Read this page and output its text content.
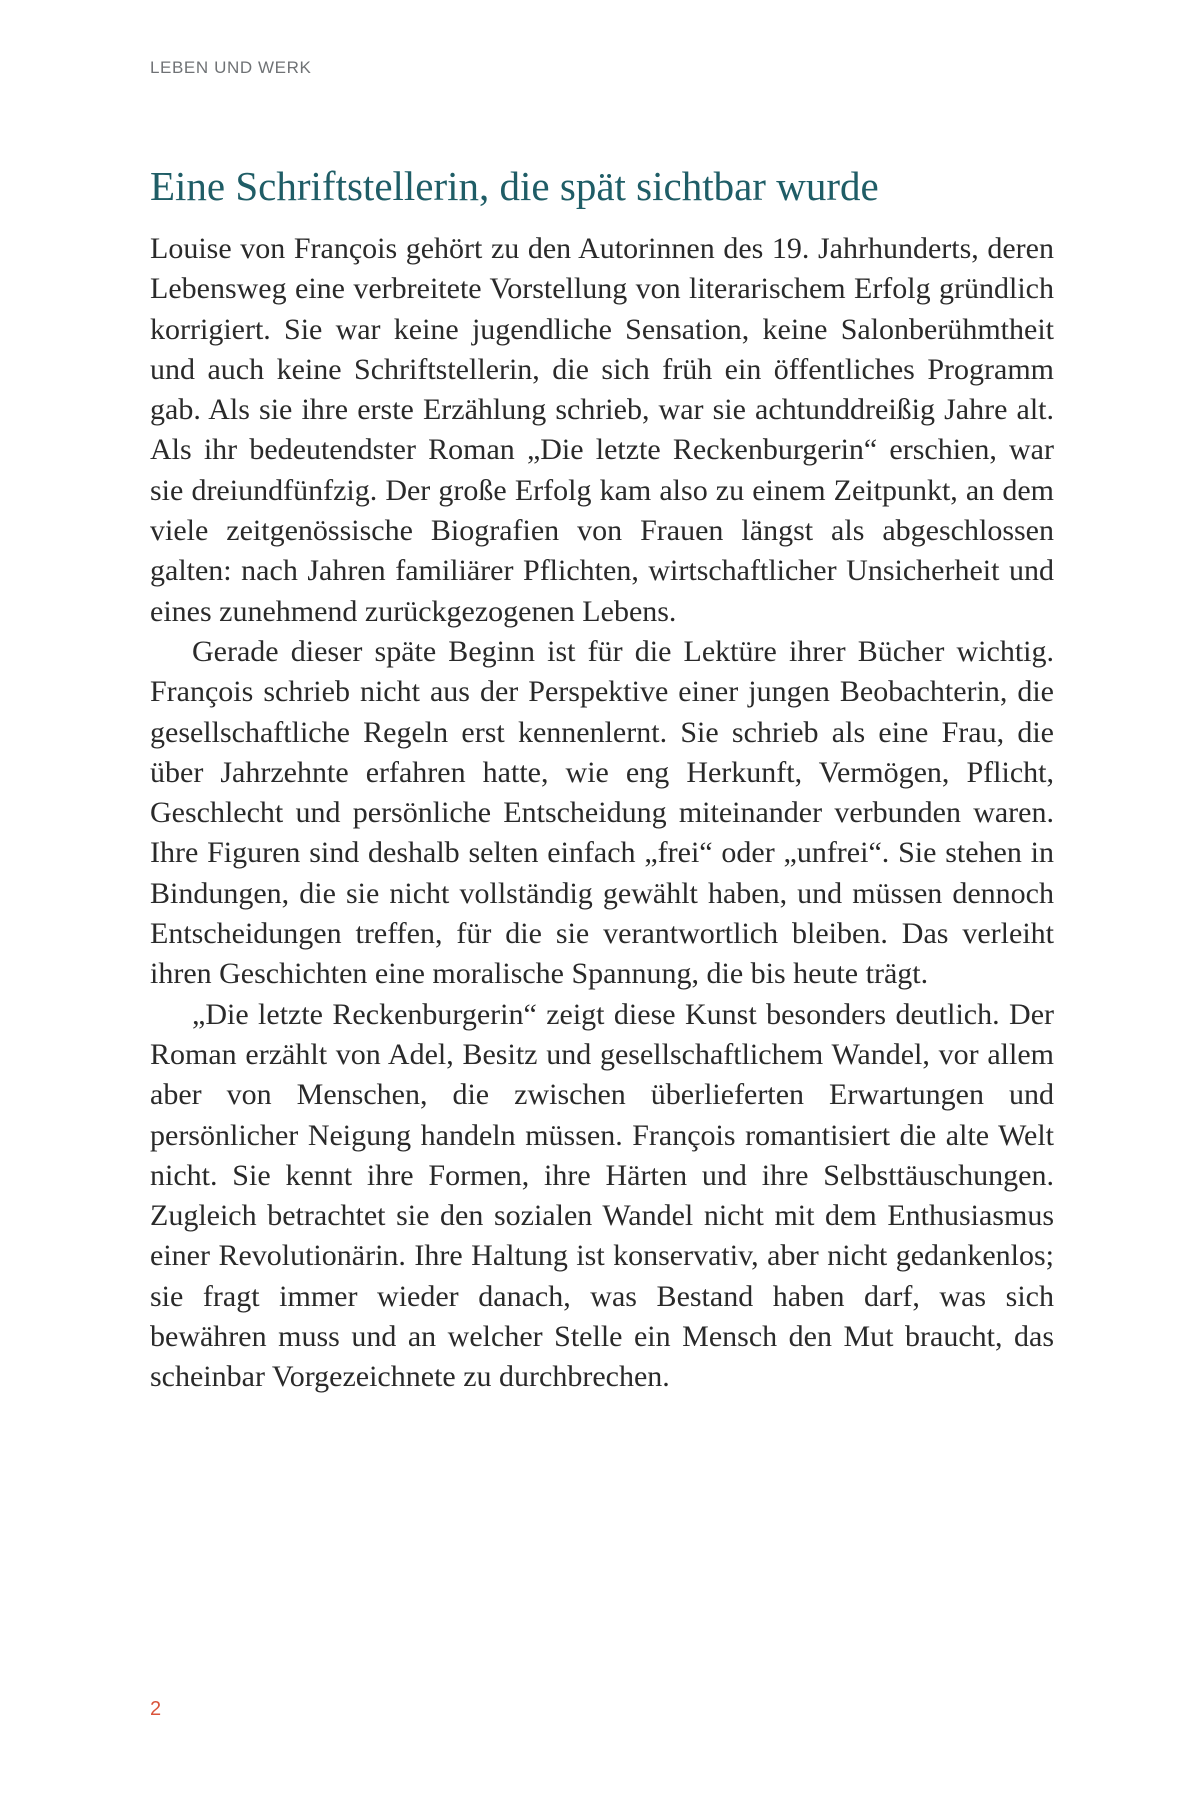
LEBEN UND WERK
Eine Schriftstellerin, die spät sichtbar wurde

Louise von François gehört zu den Autorinnen des 19. Jahrhunderts, deren Lebensweg eine verbreitete Vorstellung von literarischem Erfolg gründlich korrigiert. Sie war keine jugendliche Sensation, keine Salonberühmtheit und auch keine Schriftstellerin, die sich früh ein öffentliches Programm gab. Als sie ihre erste Erzählung schrieb, war sie achtunddreißig Jahre alt. Als ihr bedeutendster Roman „Die letzte Reckenburgerin“ erschien, war sie dreiundfünfzig. Der große Erfolg kam also zu einem Zeitpunkt, an dem viele zeitgenössische Biografien von Frauen längst als abgeschlossen galten: nach Jahren familiärer Pflichten, wirtschaftlicher Unsicherheit und eines zunehmend zurückgezogenen Lebens.

Gerade dieser späte Beginn ist für die Lektüre ihrer Bücher wichtig. François schrieb nicht aus der Perspektive einer jungen Beobachterin, die gesellschaftliche Regeln erst kennenlernt. Sie schrieb als eine Frau, die über Jahrzehnte erfahren hatte, wie eng Herkunft, Vermögen, Pflicht, Geschlecht und persönliche Entscheidung miteinander verbunden waren. Ihre Figuren sind deshalb selten einfach „frei“ oder „unfrei“. Sie stehen in Bindungen, die sie nicht vollständig gewählt haben, und müssen dennoch Entscheidungen treffen, für die sie verantwortlich bleiben. Das verleiht ihren Geschichten eine moralische Spannung, die bis heute trägt.

„Die letzte Reckenburgerin“ zeigt diese Kunst besonders deutlich. Der Roman erzählt von Adel, Besitz und gesellschaftlichem Wandel, vor allem aber von Menschen, die zwischen überlieferten Erwartungen und persönlicher Neigung handeln müssen. François romantisiert die alte Welt nicht. Sie kennt ihre Formen, ihre Härten und ihre Selbsttäuschungen. Zugleich betrachtet sie den sozialen Wandel nicht mit dem Enthusiasmus einer Revolutionärin. Ihre Haltung ist konservativ, aber nicht gedankenlos; sie fragt immer wieder danach, was Bestand haben darf, was sich bewähren muss und an welcher Stelle ein Mensch den Mut braucht, das scheinbar Vorgezeichnete zu durchbrechen.

2
